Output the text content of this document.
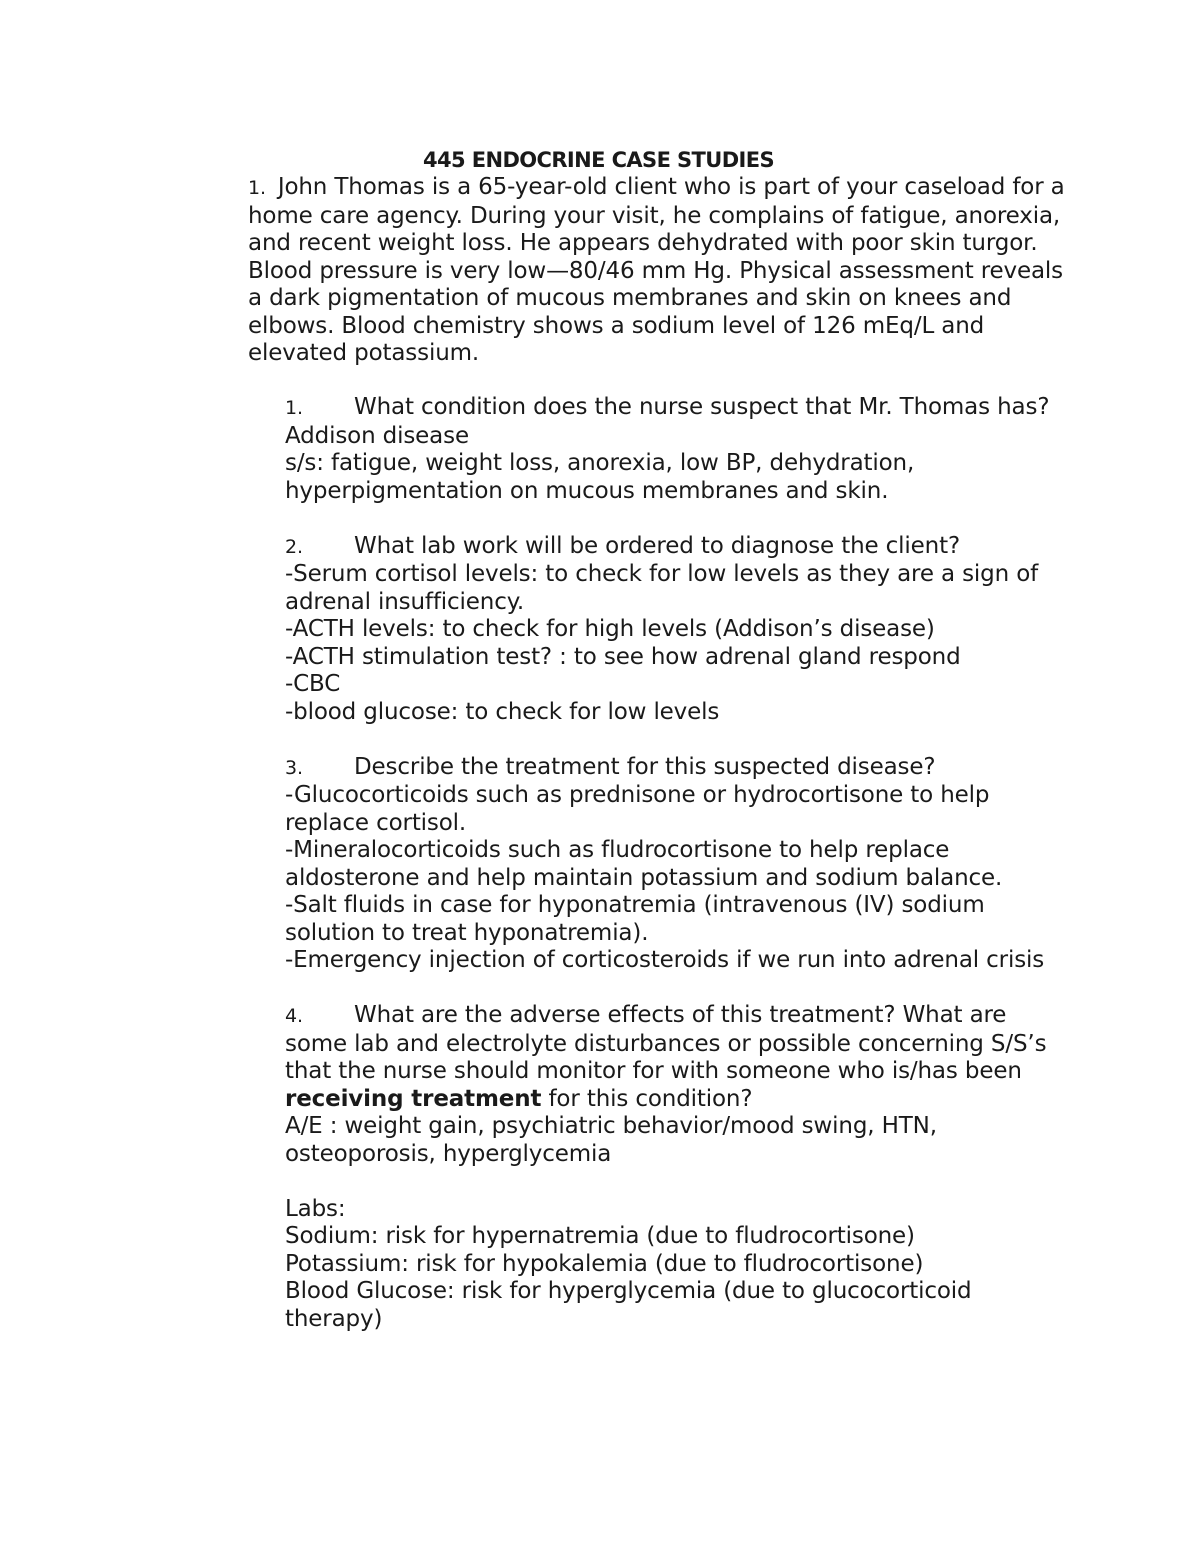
445 ENDOCRINE CASE STUDIES
1. John Thomas is a 65-year-old client who is part of your caseload for a home care agency. During your visit, he complains of fatigue, anorexia, and recent weight loss. He appears dehydrated with poor skin turgor. Blood pressure is very low—80/46 mm Hg. Physical assessment reveals a dark pigmentation of mucous membranes and skin on knees and elbows. Blood chemistry shows a sodium level of 126 mEq/L and elevated potassium.
1. What condition does the nurse suspect that Mr. Thomas has?
Addison disease
s/s: fatigue, weight loss, anorexia, low BP, dehydration, hyperpigmentation on mucous membranes and skin.
2. What lab work will be ordered to diagnose the client?
-Serum cortisol levels: to check for low levels as they are a sign of adrenal insufficiency.
-ACTH levels: to check for high levels (Addison’s disease)
-ACTH stimulation test? : to see how adrenal gland respond
-CBC
-blood glucose: to check for low levels
3. Describe the treatment for this suspected disease?
-Glucocorticoids such as prednisone or hydrocortisone to help replace cortisol.
-Mineralocorticoids such as fludrocortisone to help replace aldosterone and help maintain potassium and sodium balance.
-Salt fluids in case for hyponatremia (intravenous (IV) sodium solution to treat hyponatremia).
-Emergency injection of corticosteroids if we run into adrenal crisis
4. What are the adverse effects of this treatment? What are some lab and electrolyte disturbances or possible concerning S/S’s that the nurse should monitor for with someone who is/has been receiving treatment for this condition?
A/E : weight gain, psychiatric behavior/mood swing, HTN, osteoporosis, hyperglycemia

Labs:
Sodium: risk for hypernatremia (due to fludrocortisone)
Potassium: risk for hypokalemia (due to fludrocortisone)
Blood Glucose: risk for hyperglycemia (due to glucocorticoid therapy)
